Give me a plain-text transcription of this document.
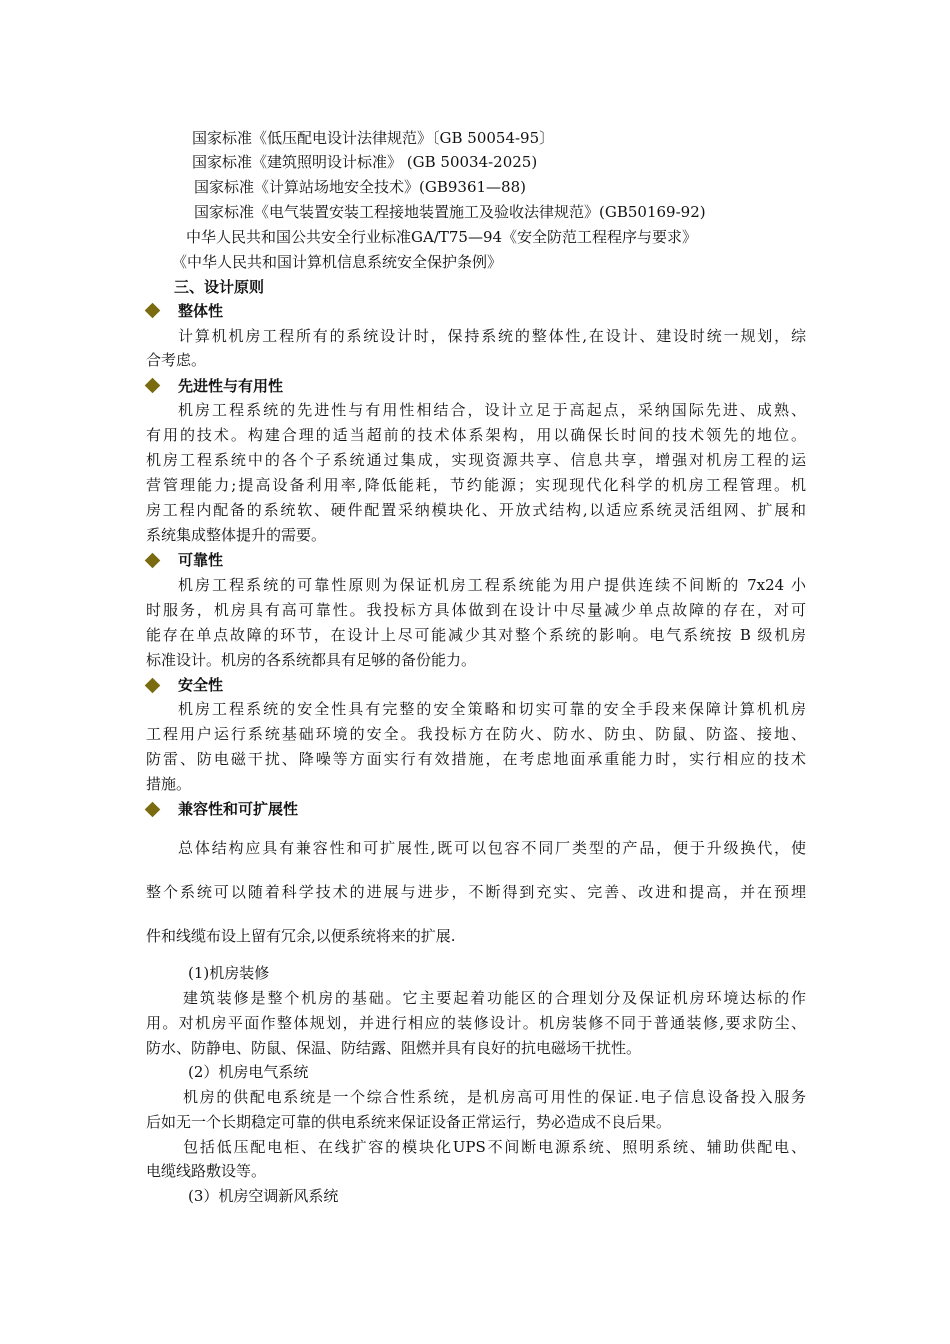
国家标准《低压配电设计法律规范》〔GB 50054-95〕
国家标准《建筑照明设计标准》 (GB 50034-2025)
国家标准《计算站场地安全技术》(GB9361—88)
国家标准《电气装置安装工程接地装置施工及验收法律规范》(GB50169-92)
中华人民共和国公共安全行业标准GA/T75—94《安全防范工程程序与要求》
《中华人民共和国计算机信息系统安全保护条例》
三、设计原则
整体性
计算机机房工程所有的系统设计时，保持系统的整体性,在设计、建设时统一规划，综
合考虑。
先进性与有用性
机房工程系统的先进性与有用性相结合，设计立足于高起点，采纳国际先进、成熟、
有用的技术。构建合理的适当超前的技术体系架构，用以确保长时间的技术领先的地位。
机房工程系统中的各个子系统通过集成，实现资源共享、信息共享，增强对机房工程的运
营管理能力;提高设备利用率,降低能耗，节约能源；实现现代化科学的机房工程管理。机
房工程内配备的系统软、硬件配置采纳模块化、开放式结构,以适应系统灵活组网、扩展和
系统集成整体提升的需要。
可靠性
机房工程系统的可靠性原则为保证机房工程系统能为用户提供连续不间断的 7x24 小
时服务，机房具有高可靠性。我投标方具体做到在设计中尽量减少单点故障的存在，对可
能存在单点故障的环节，在设计上尽可能减少其对整个系统的影响。电气系统按 B 级机房
标准设计。机房的各系统都具有足够的备份能力。
安全性
机房工程系统的安全性具有完整的安全策略和切实可靠的安全手段来保障计算机机房
工程用户运行系统基础环境的安全。我投标方在防火、防水、防虫、防鼠、防盗、接地、
防雷、防电磁干扰、降噪等方面实行有效措施，在考虑地面承重能力时，实行相应的技术
措施。
兼容性和可扩展性
总体结构应具有兼容性和可扩展性,既可以包容不同厂类型的产品，便于升级换代，使
整个系统可以随着科学技术的进展与进步，不断得到充实、完善、改进和提高，并在预埋
件和线缆布设上留有冗余,以便系统将来的扩展.
(1)机房装修
建筑装修是整个机房的基础。它主要起着功能区的合理划分及保证机房环境达标的作
用。对机房平面作整体规划，并进行相应的装修设计。机房装修不同于普通装修,要求防尘、
防水、防静电、防鼠、保温、防结露、阻燃并具有良好的抗电磁场干扰性。
(2）机房电气系统
机房的供配电系统是一个综合性系统，是机房高可用性的保证.电子信息设备投入服务
后如无一个长期稳定可靠的供电系统来保证设备正常运行，势必造成不良后果。
包括低压配电柜、在线扩容的模块化UPS不间断电源系统、照明系统、辅助供配电、
电缆线路敷设等。
(3）机房空调新风系统
